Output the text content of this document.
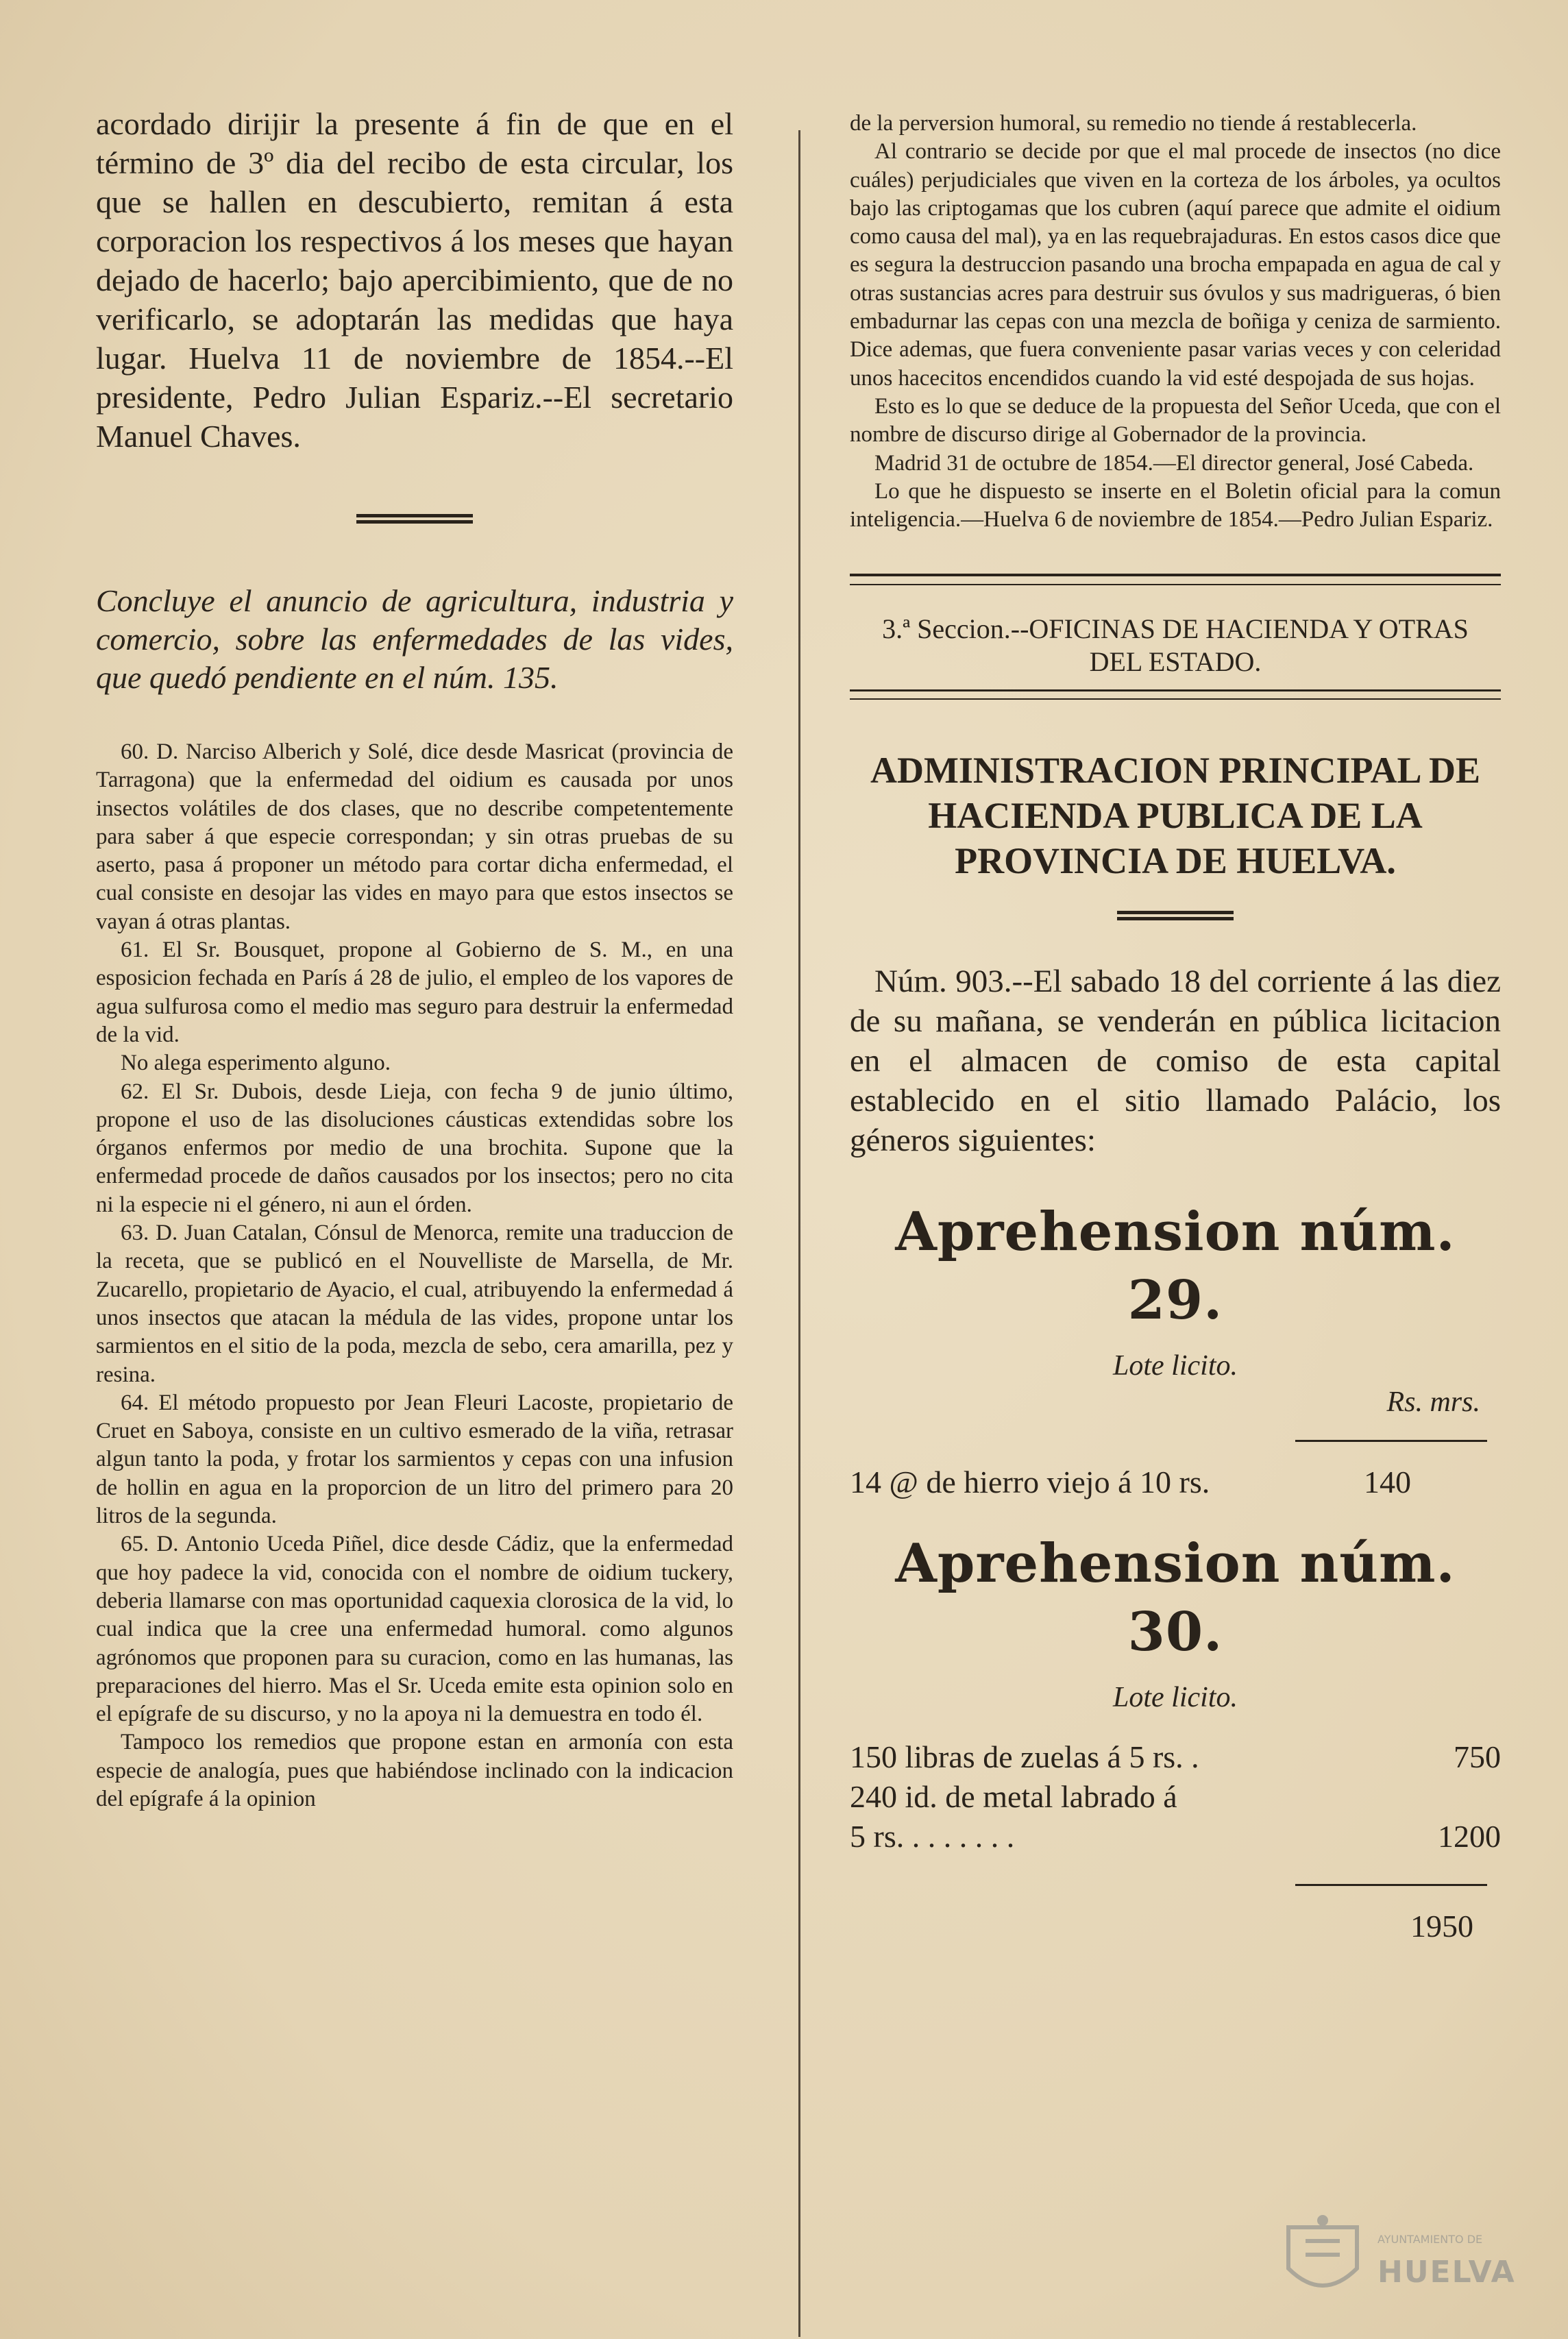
acordado dirijir la presente á fin de que en el término de 3º dia del recibo de esta circular, los que se hallen en descubierto, remitan á esta corporacion los respectivos á los meses que hayan dejado de hacerlo; bajo apercibimiento, que de no verificarlo, se adoptarán las medidas que haya lugar. Huelva 11 de noviembre de 1854.--El presidente, Pedro Julian Espariz.--El secretario Manuel Chaves.

Concluye el anuncio de agricultura, industria y comercio, sobre las enfermedades de las vides, que quedó pendiente en el núm. 135.

60. D. Narciso Alberich y Solé, dice desde Masricat (provincia de Tarragona) que la enfermedad del oidium es causada por unos insectos volátiles de dos clases, que no describe competentemente para saber á que especie correspondan; y sin otras pruebas de su aserto, pasa á proponer un método para cortar dicha enfermedad, el cual consiste en desojar las vides en mayo para que estos insectos se vayan á otras plantas.

61. El Sr. Bousquet, propone al Gobierno de S. M., en una esposicion fechada en París á 28 de julio, el empleo de los vapores de agua sulfurosa como el medio mas seguro para destruir la enfermedad de la vid.

No alega esperimento alguno.

62. El Sr. Dubois, desde Lieja, con fecha 9 de junio último, propone el uso de las disoluciones cáusticas extendidas sobre los órganos enfermos por medio de una brochita. Supone que la enfermedad procede de daños causados por los insectos; pero no cita ni la especie ni el género, ni aun el órden.

63. D. Juan Catalan, Cónsul de Menorca, remite una traduccion de la receta, que se publicó en el Nouvelliste de Marsella, de Mr. Zucarello, propietario de Ayacio, el cual, atribuyendo la enfermedad á unos insectos que atacan la médula de las vides, propone untar los sarmientos en el sitio de la poda, mezcla de sebo, cera amarilla, pez y resina.

64. El método propuesto por Jean Fleuri Lacoste, propietario de Cruet en Saboya, consiste en un cultivo esmerado de la viña, retrasar algun tanto la poda, y frotar los sarmientos y cepas con una infusion de hollin en agua en la proporcion de un litro del primero para 20 litros de la segunda.

65. D. Antonio Uceda Piñel, dice desde Cádiz, que la enfermedad que hoy padece la vid, conocida con el nombre de oidium tuckery, deberia llamarse con mas oportunidad caquexia clorosica de la vid, lo cual indica que la cree una enfermedad humoral. como algunos agrónomos que proponen para su curacion, como en las humanas, las preparaciones del hierro. Mas el Sr. Uceda emite esta opinion solo en el epígrafe de su discurso, y no la apoya ni la demuestra en todo él.

Tampoco los remedios que propone estan en armonía con esta especie de analogía, pues que habiéndose inclinado con la indicacion del epígrafe á la opinion

de la perversion humoral, su remedio no tiende á restablecerla.

Al contrario se decide por que el mal procede de insectos (no dice cuáles) perjudiciales que viven en la corteza de los árboles, ya ocultos bajo las criptogamas que los cubren (aquí parece que admite el oidium como causa del mal), ya en las requebrajaduras. En estos casos dice que es segura la destruccion pasando una brocha empapada en agua de cal y otras sustancias acres para destruir sus óvulos y sus madrigueras, ó bien embadurnar las cepas con una mezcla de boñiga y ceniza de sarmiento. Dice ademas, que fuera conveniente pasar varias veces y con celeridad unos hacecitos encendidos cuando la vid esté despojada de sus hojas.

Esto es lo que se deduce de la propuesta del Señor Uceda, que con el nombre de discurso dirige al Gobernador de la provincia.

Madrid 31 de octubre de 1854.—El director general, José Cabeda.

Lo que he dispuesto se inserte en el Boletin oficial para la comun inteligencia.—Huelva 6 de noviembre de 1854.—Pedro Julian Espariz.

3.ª Seccion.--OFICINAS DE HACIENDA Y OTRAS

DEL ESTADO.

ADMINISTRACION PRINCIPAL DE HACIENDA PUBLICA DE LA PROVINCIA DE HUELVA.

Núm. 903.--El sabado 18 del corriente á las diez de su mañana, se venderán en pública licitacion en el almacen de comiso de esta capital establecido en el sitio llamado Palácio, los géneros siguientes:

Aprehension núm. 29.

Lote licito.

Rs. mrs.

14 @ de hierro viejo á 10 rs.	140

Aprehension núm. 30.

Lote licito.

150 libras de zuelas á 5 rs. .	750
240 id. de metal labrado á
5 rs. . . . . . . .	1200

1950

AYUNTAMIENTO DE
HUELVA
